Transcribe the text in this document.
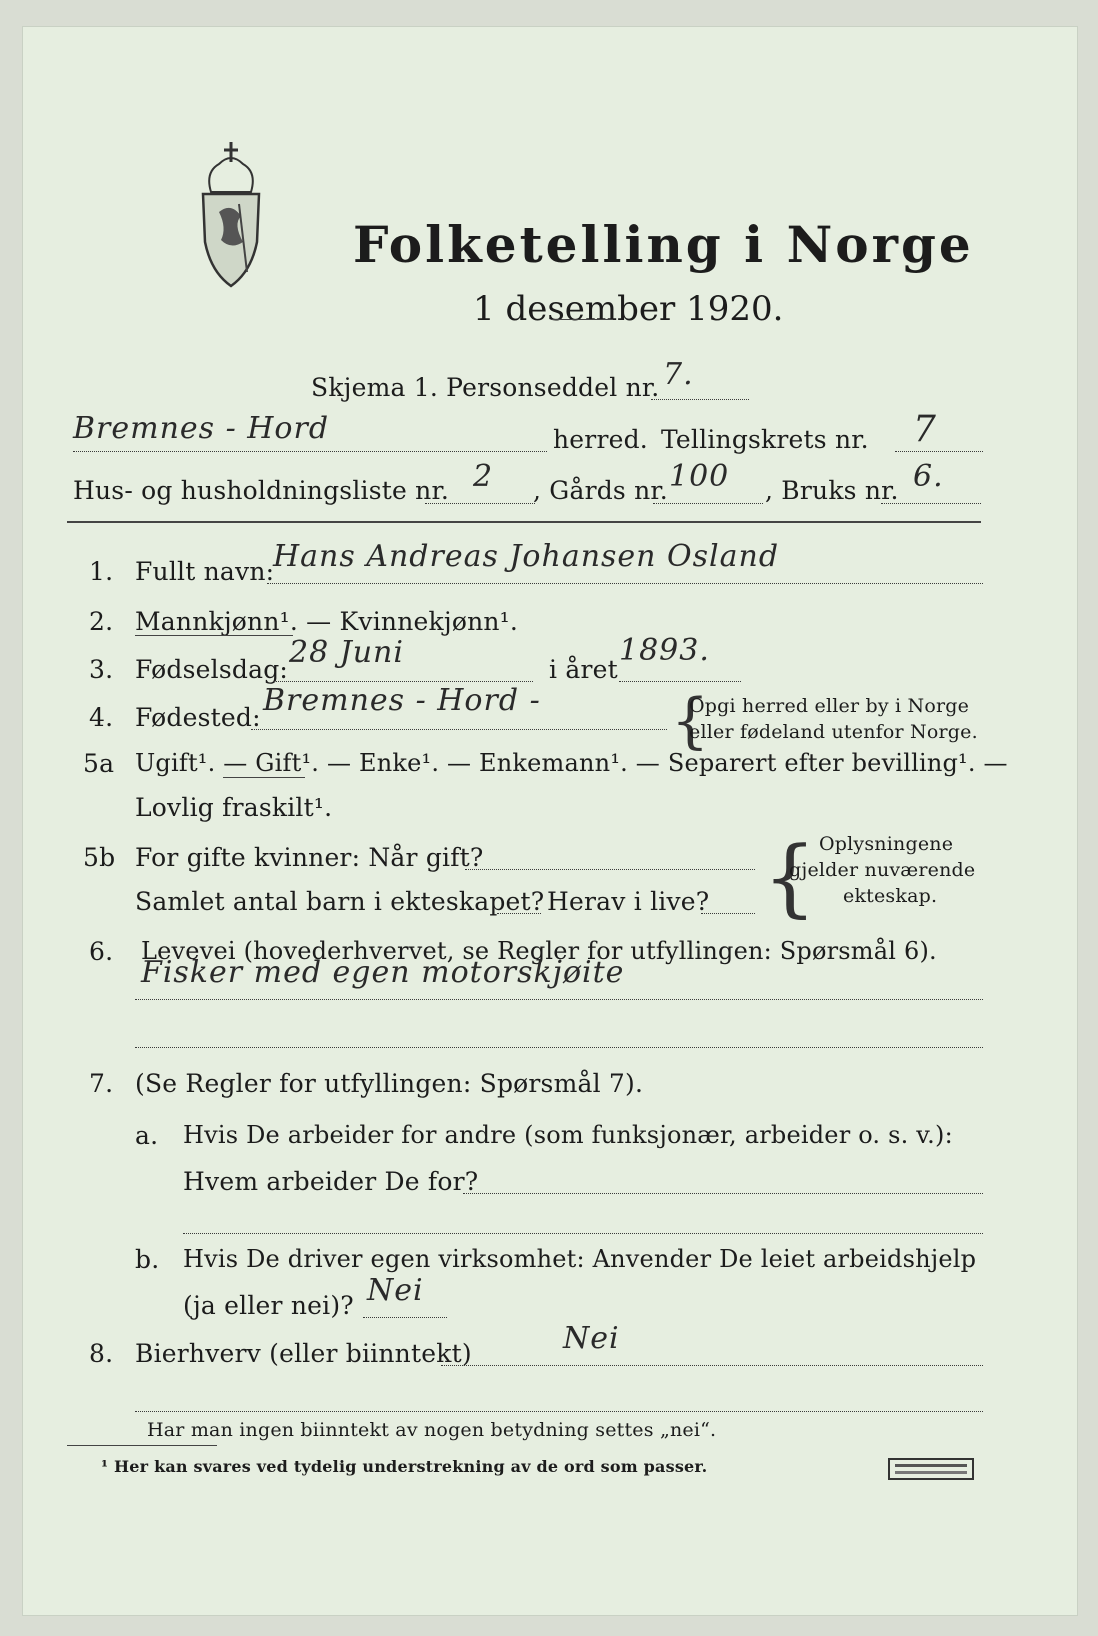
Folketelling i Norge
1 desember 1920.
Skjema 1. Personseddel nr. 7.
Bremnes - Hord	herred. Tellingskrets nr. 7
Hus- og husholdningsliste nr. 2 , Gårds nr. 100 , Bruks nr. 6.
1. Fullt navn:
Hans Andreas Johansen Osland
2. Mannkjønn¹. — Kvinnekjønn¹.
3. Fødselsdag: 28 Juni	i året
1893.
4. Fødested: Bremnes - Hord - {
Opgi herred eller by i Norge
eller fødeland utenfor Norge.
5a Ugift¹. — Gift¹. — Enke¹. — Enkemann¹. — Separert efter bevilling¹. —
Lovlig fraskilt¹.
5b For gifte kvinner: Når gift?
Samlet antal barn i ekteskapet? Herav i live? { Oplysningene
gjelder nuværende
ekteskap.
6. Levevei (hovederhvervet, se Regler for utfyllingen: Spørsmål 6).
Fisker med egen motorskjøite
7. (Se Regler for utfyllingen: Spørsmål 7).
a. Hvis De arbeider for andre (som funksjonær, arbeider o. s. v.):
Hvem arbeider De for?
b. Hvis De driver egen virksomhet: Anvender De leiet arbeidshjelp
(ja eller nei)? Nei
8. Bierhverv (eller biinntekt)	Nei
Har man ingen biinntekt av nogen betydning settes „nei“.
¹ Her kan svares ved tydelig understrekning av de ord som passer.
